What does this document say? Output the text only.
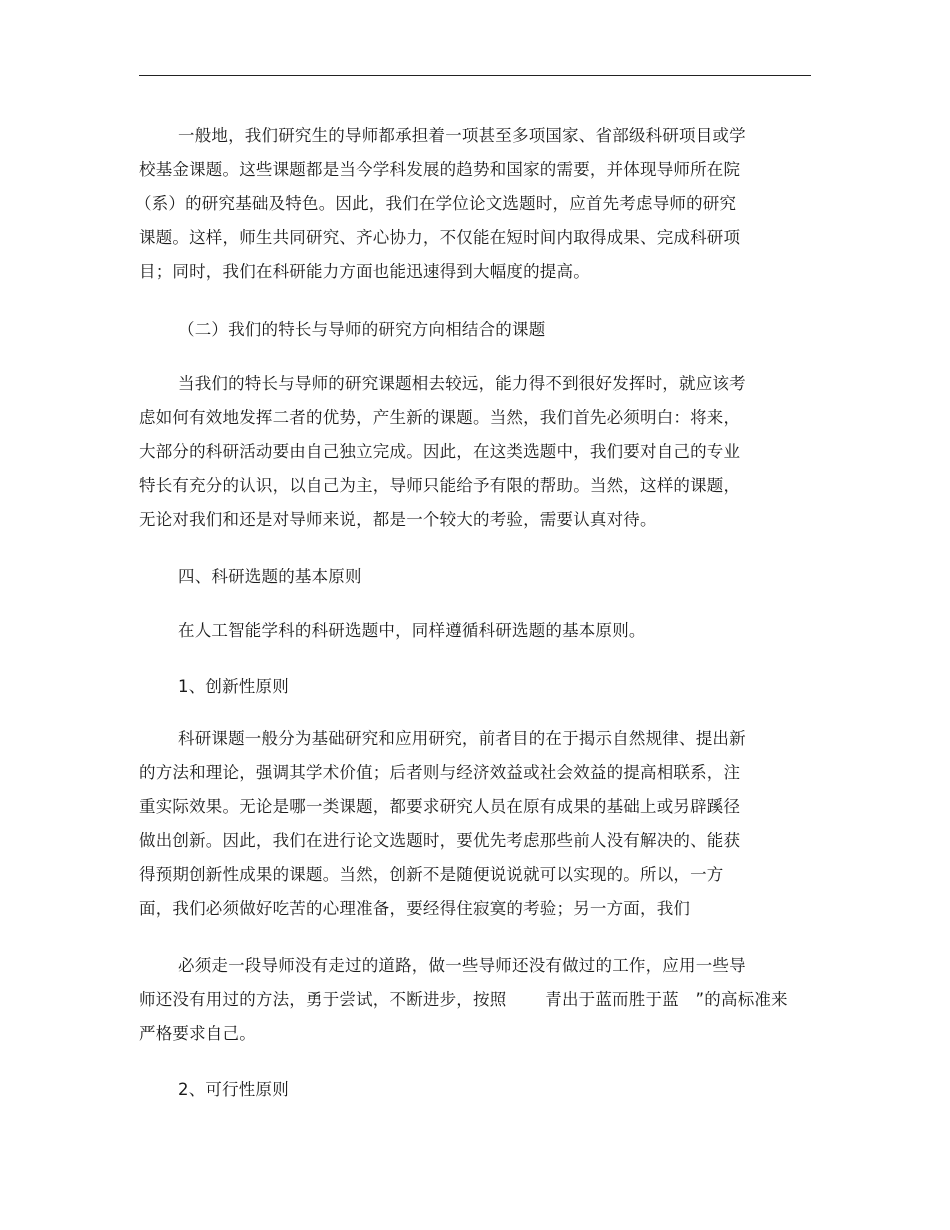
一般地，我们研究生的导师都承担着一项甚至多项国家、省部级科研项目或学
校基金课题。这些课题都是当今学科发展的趋势和国家的需要，并体现导师所在院
（系）的研究基础及特色。因此，我们在学位论文选题时，应首先考虑导师的研究
课题。这样，师生共同研究、齐心协力，不仅能在短时间内取得成果、完成科研项
目；同时，我们在科研能力方面也能迅速得到大幅度的提高。
（二）我们的特长与导师的研究方向相结合的课题
当我们的特长与导师的研究课题相去较远，能力得不到很好发挥时，就应该考
虑如何有效地发挥二者的优势，产生新的课题。当然，我们首先必须明白：将来，
大部分的科研活动要由自己独立完成。因此，在这类选题中，我们要对自己的专业
特长有充分的认识，以自己为主，导师只能给予有限的帮助。当然，这样的课题，
无论对我们和还是对导师来说，都是一个较大的考验，需要认真对待。
四、科研选题的基本原则
在人工智能学科的科研选题中，同样遵循科研选题的基本原则。
1、创新性原则
科研课题一般分为基础研究和应用研究，前者目的在于揭示自然规律、提出新
的方法和理论，强调其学术价值；后者则与经济效益或社会效益的提高相联系，注
重实际效果。无论是哪一类课题，都要求研究人员在原有成果的基础上或另辟蹊径
做出创新。因此，我们在进行论文选题时，要优先考虑那些前人没有解决的、能获
得预期创新性成果的课题。当然，创新不是随便说说就可以实现的。所以，一方
面，我们必须做好吃苦的心理准备，要经得住寂寞的考验；另一方面，我们
必须走一段导师没有走过的道路，做一些导师还没有做过的工作，应用一些导
师还没有用过的方法，勇于尝试，不断进步，按照　　 青出于蓝而胜于蓝　”的高标准来
严格要求自己。
2、可行性原则
